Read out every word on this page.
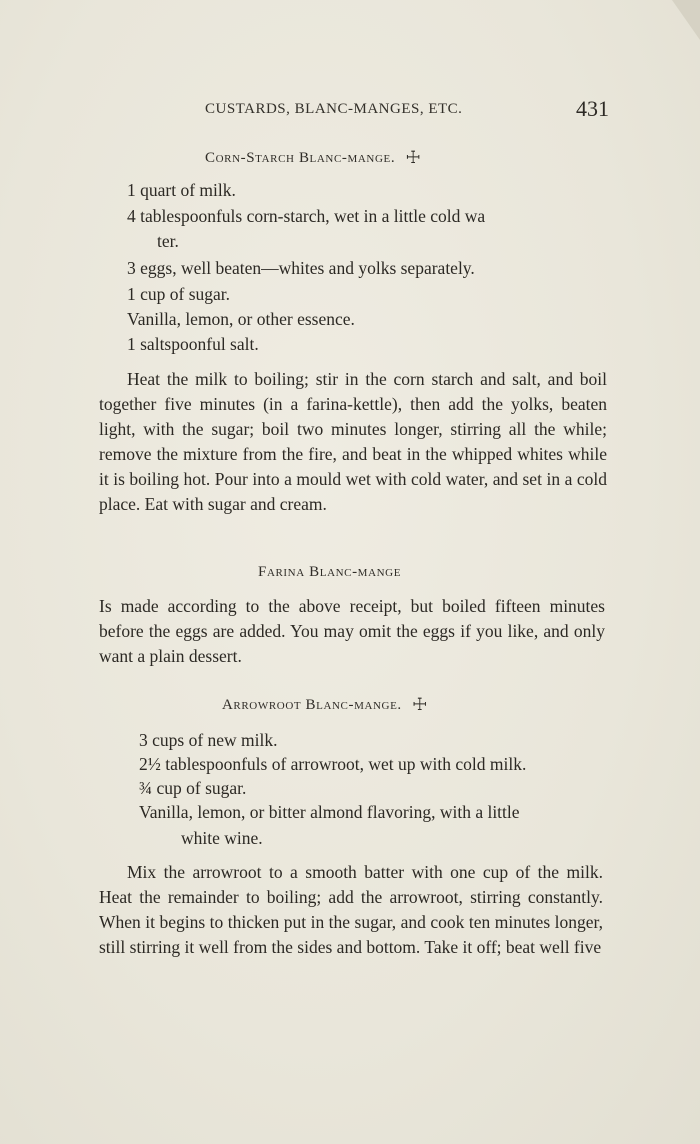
CUSTARDS, BLANC-MANGES, ETC.	431
Corn-Starch Blanc-mange. ☩
1 quart of milk.
4 tablespoonfuls corn-starch, wet in a little cold wa
ter.
3 eggs, well beaten—whites and yolks separately.
1 cup of sugar.
Vanilla, lemon, or other essence.
1 saltspoonful salt.
Heat the milk to boiling; stir in the corn starch and salt, and boil together five minutes (in a farina-kettle), then add the yolks, beaten light, with the sugar; boil two minutes longer, stirring all the while; remove the mixture from the fire, and beat in the whipped whites while it is boiling hot. Pour into a mould wet with cold water, and set in a cold place. Eat with sugar and cream.
Farina Blanc-mange
Is made according to the above receipt, but boiled fifteen minutes before the eggs are added. You may omit the eggs if you like, and only want a plain dessert.
Arrowroot Blanc-mange. ☩
3 cups of new milk.
2½ tablespoonfuls of arrowroot, wet up with cold milk.
¾ cup of sugar.
Vanilla, lemon, or bitter almond flavoring, with a little
white wine.
Mix the arrowroot to a smooth batter with one cup of the milk. Heat the remainder to boiling; add the arrowroot, stirring constantly. When it begins to thicken put in the sugar, and cook ten minutes longer, still stirring it well from the sides and bottom. Take it off; beat well five
